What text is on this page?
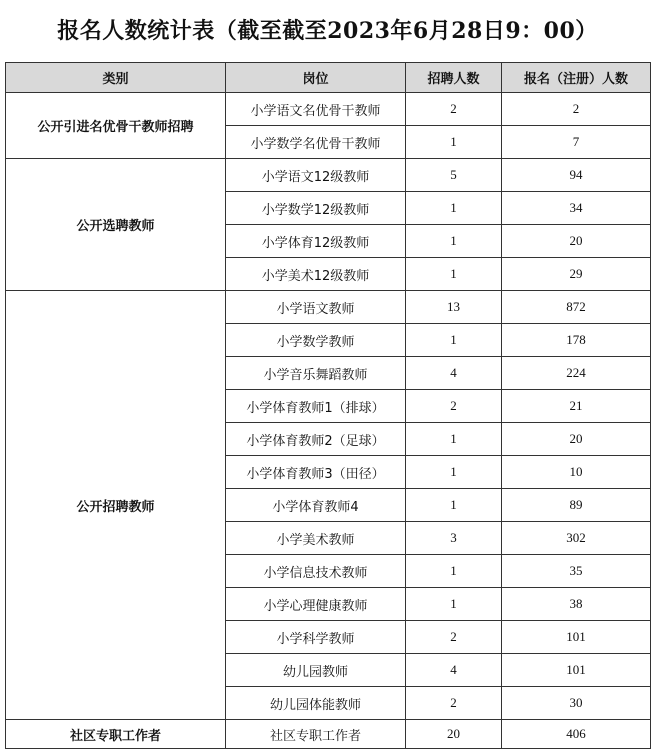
报名人数统计表（截至截至2023年6月28日9：00）
类别	岗位	招聘人数	报名（注册）人数
公开引进名优骨干教师招聘	小学语文名优骨干教师	2	2
	小学数学名优骨干教师	1	7
公开选聘教师	小学语文12级教师	5	94
	小学数学12级教师	1	34
	小学体育12级教师	1	20
	小学美术12级教师	1	29
公开招聘教师	小学语文教师	13	872
	小学数学教师	1	178
	小学音乐舞蹈教师	4	224
	小学体育教师1（排球）	2	21
	小学体育教师2（足球）	1	20
	小学体育教师3（田径）	1	10
	小学体育教师4	1	89
	小学美术教师	3	302
	小学信息技术教师	1	35
	小学心理健康教师	1	38
	小学科学教师	2	101
	幼儿园教师	4	101
	幼儿园体能教师	2	30
社区专职工作者	社区专职工作者	20	406
